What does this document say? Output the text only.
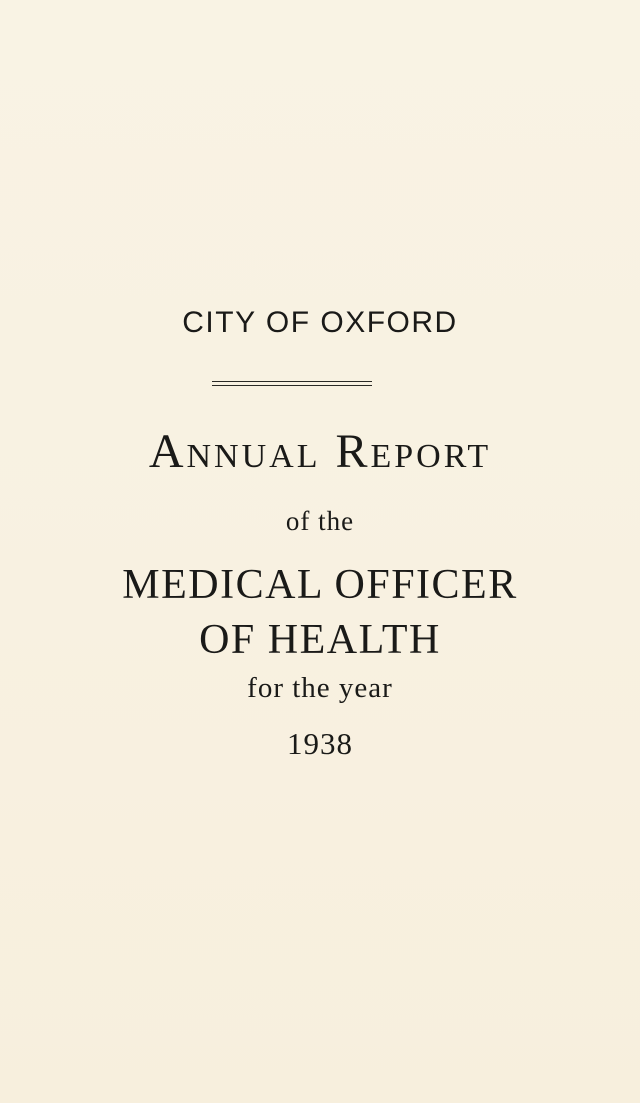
CITY OF OXFORD
Annual Report
of the
MEDICAL OFFICER
OF HEALTH
for the year
1938
